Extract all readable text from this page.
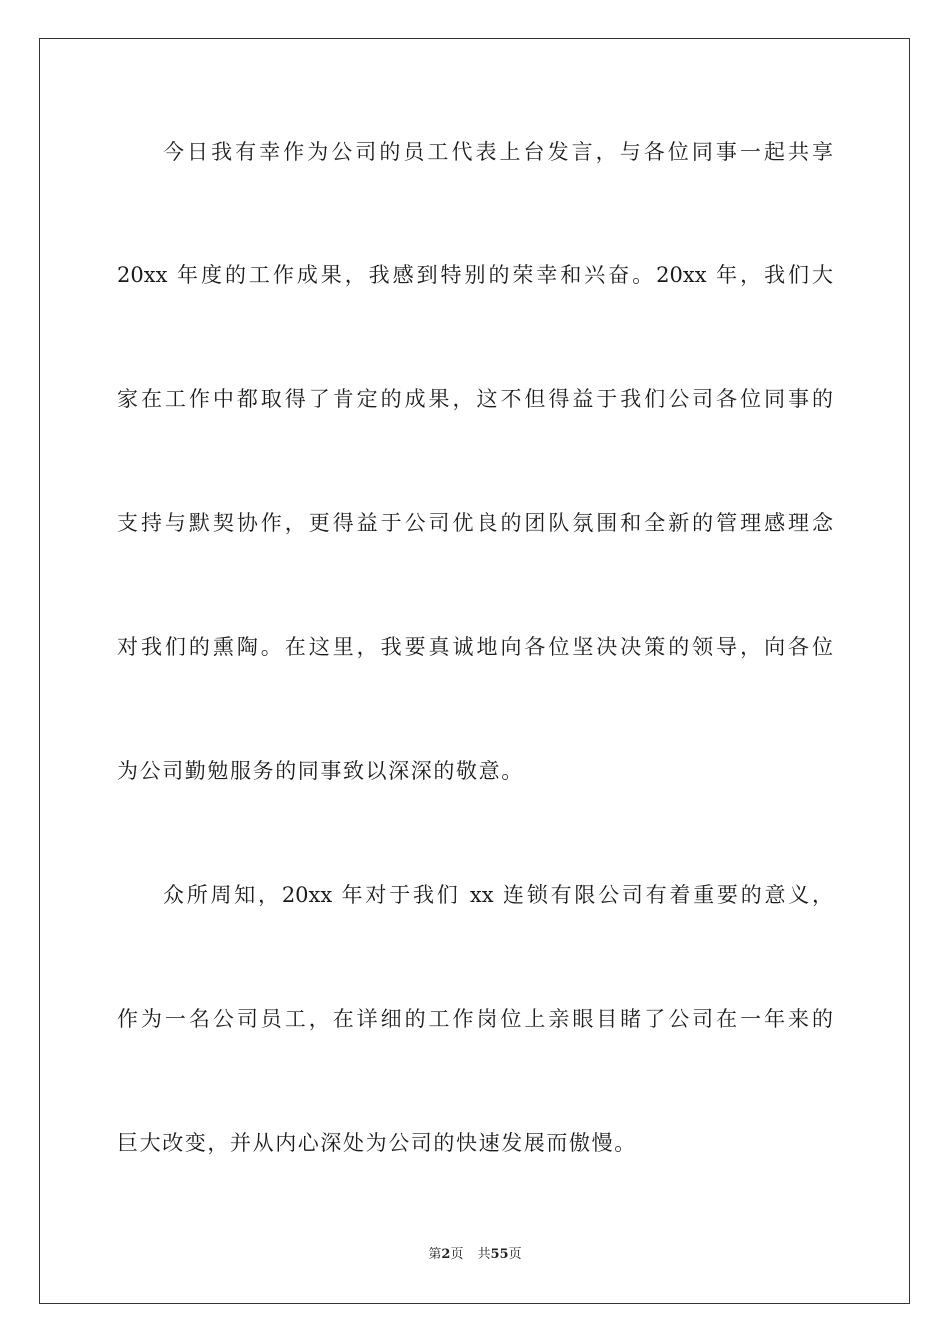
今日我有幸作为公司的员工代表上台发言，与各位同事一起共享
20xx 年度的工作成果，我感到特别的荣幸和兴奋。20xx 年，我们大
家在工作中都取得了肯定的成果，这不但得益于我们公司各位同事的
支持与默契协作，更得益于公司优良的团队氛围和全新的管理感理念
对我们的熏陶。在这里，我要真诚地向各位坚决决策的领导，向各位
为公司勤勉服务的同事致以深深的敬意。
众所周知，20xx 年对于我们 xx 连锁有限公司有着重要的意义，
作为一名公司员工，在详细的工作岗位上亲眼目睹了公司在一年来的
巨大改变，并从内心深处为公司的快速发展而傲慢。
第2页 共55页
